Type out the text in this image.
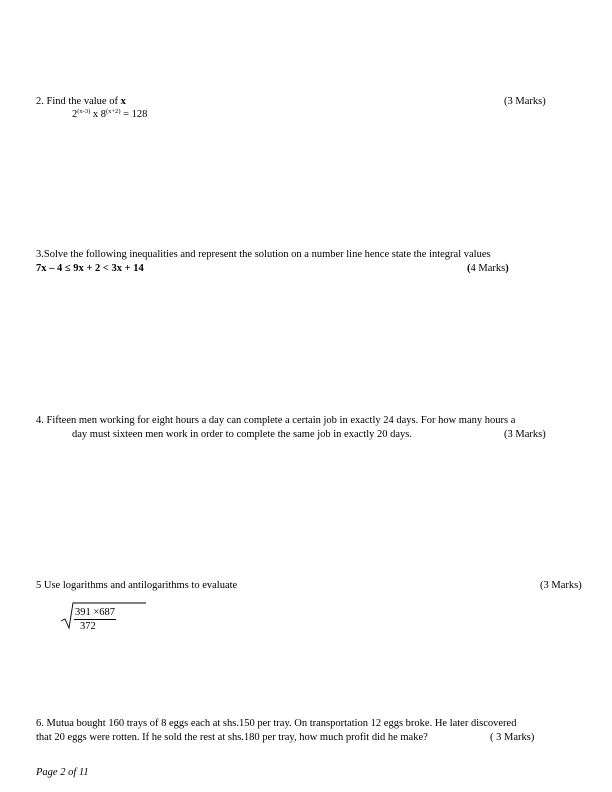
2. Find the value of x	(3 Marks)
2$^{(x-3)}$ x $8^{(x+2)} = 128$
3.Solve the following inequalities and represent the solution on a number line hence state the integral values
7x – 4 ≤ 9x + 2 < 3x + 14	(4 Marks)
4. Fifteen men working for eight hours a day can complete a certain job in exactly 24 days. For how many hours a
day must sixteen men work in order to complete the same job in exactly 20 days.	(3 Marks)
5 Use logarithms and antilogarithms to evaluate	(3 Marks)
$\frac{391 \times 687}{372}$
6. Mutua bought 160 trays of 8 eggs each at shs.150 per tray. On transportation 12 eggs broke. He later discovered
that 20 eggs were rotten. If he sold the rest at shs.180 per tray, how much profit did he make?	( 3 Marks)
Page 2 of 11
